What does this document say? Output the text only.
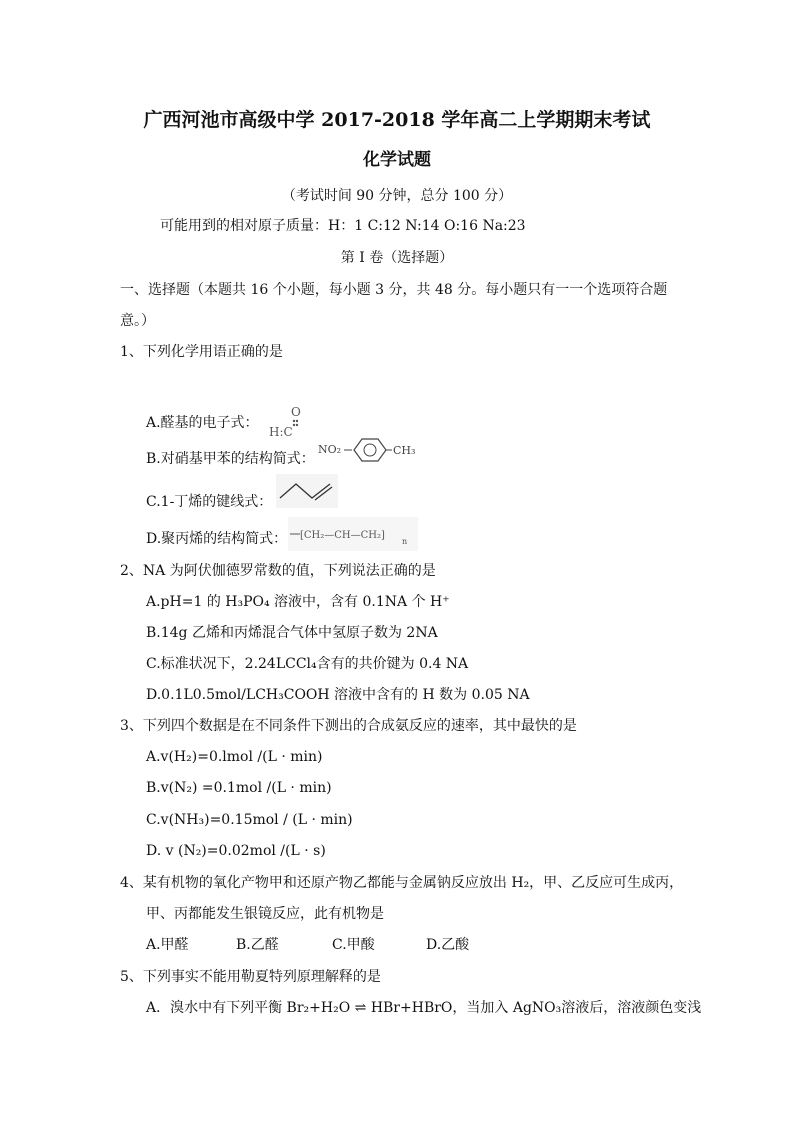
广西河池市高级中学 2017-2018 学年高二上学期期末考试
化学试题
（考试时间 90 分钟，总分 100 分）
可能用到的相对原子质量：H：1 C:12 N:14 O:16 Na:23
第 Ⅰ 卷（选择题）
一、选择题（本题共 16 个小题，每小题 3 分，共 48 分。每小题只有一一个选项符合题
意。）
1、下列化学用语正确的是
A.醛基的电子式：
O
H:C
B.对硝基甲苯的结构简式：
NO₂	CH₃
C.1-丁烯的键线式：
D.聚丙烯的结构简式： [CH₂—CH—CH₂]
n
2、NA 为阿伏伽德罗常数的值，下列说法正确的是
A.pH=1 的 H₃PO₄ 溶液中，含有 0.1NA 个 H⁺
B.14g 乙烯和丙烯混合气体中氢原子数为 2NA
C.标准状况下，2.24LCCl₄含有的共价键为 0.4 NA
D.0.1L0.5mol/LCH₃COOH 溶液中含有的 H 数为 0.05 NA
3、下列四个数据是在不同条件下测出的合成氨反应的速率，其中最快的是
A.v(H₂)=0.lmol /(L · min)
B.v(N₂) =0.1mol /(L · min)
C.v(NH₃)=0.15mol / (L · min)
D. v (N₂)=0.02mol /(L · s)
4、某有机物的氧化产物甲和还原产物乙都能与金属钠反应放出 H₂，甲、乙反应可生成丙，
甲、丙都能发生银镜反应，此有机物是
A.甲醛	B.乙醛	C.甲酸	D.乙酸
5、下列事实不能用勒夏特列原理解释的是
A．溴水中有下列平衡 Br₂+H₂O ⇌ HBr+HBrO，当加入 AgNO₃溶液后，溶液颜色变浅
